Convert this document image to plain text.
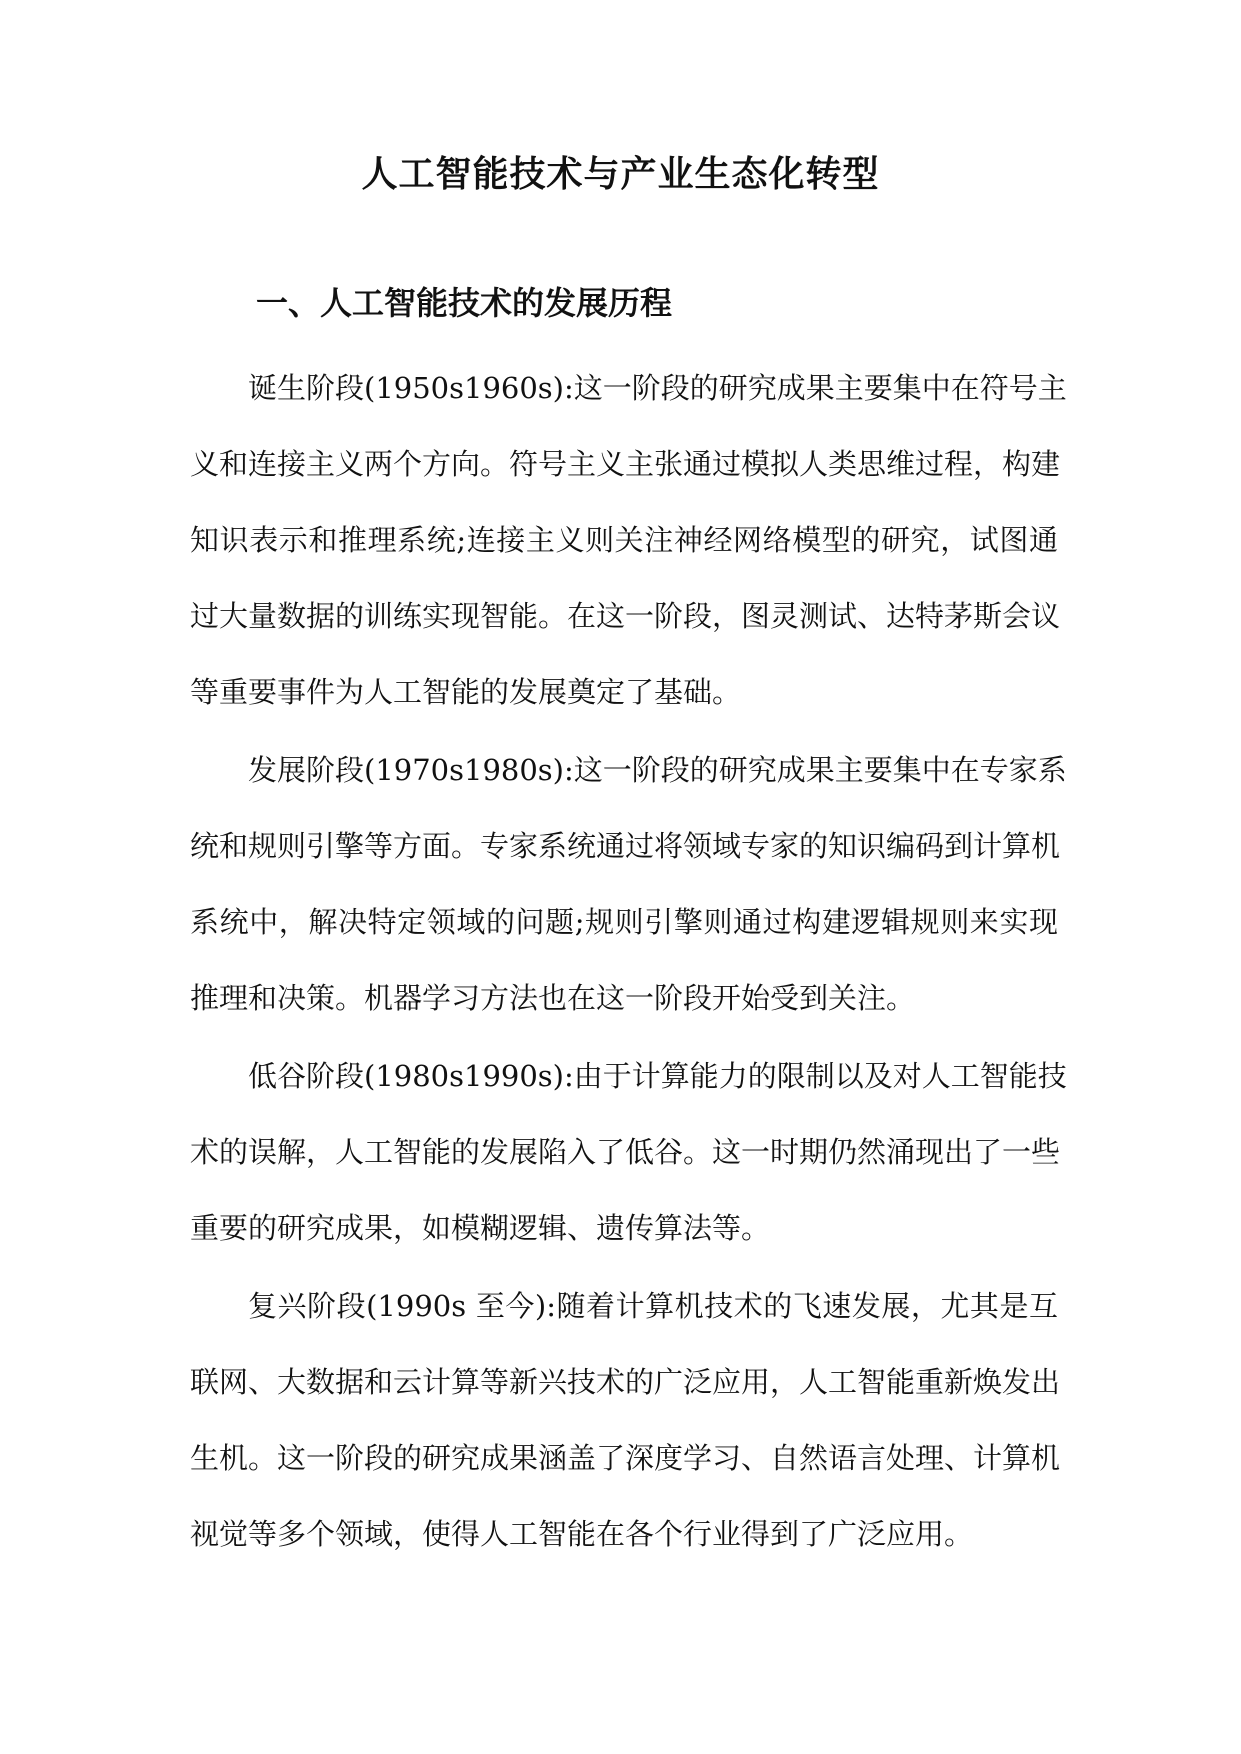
人工智能技术与产业生态化转型
一、人工智能技术的发展历程
诞生阶段(1950s1960s):这一阶段的研究成果主要集中在符号主
义和连接主义两个方向。符号主义主张通过模拟人类思维过程，构建
知识表示和推理系统;连接主义则关注神经网络模型的研究，试图通
过大量数据的训练实现智能。在这一阶段，图灵测试、达特茅斯会议
等重要事件为人工智能的发展奠定了基础。
发展阶段(1970s1980s):这一阶段的研究成果主要集中在专家系
统和规则引擎等方面。专家系统通过将领域专家的知识编码到计算机
系统中，解决特定领域的问题;规则引擎则通过构建逻辑规则来实现
推理和决策。机器学习方法也在这一阶段开始受到关注。
低谷阶段(1980s1990s):由于计算能力的限制以及对人工智能技
术的误解，人工智能的发展陷入了低谷。这一时期仍然涌现出了一些
重要的研究成果，如模糊逻辑、遗传算法等。
复兴阶段(1990s 至今):随着计算机技术的飞速发展，尤其是互
联网、大数据和云计算等新兴技术的广泛应用，人工智能重新焕发出
生机。这一阶段的研究成果涵盖了深度学习、自然语言处理、计算机
视觉等多个领域，使得人工智能在各个行业得到了广泛应用。
